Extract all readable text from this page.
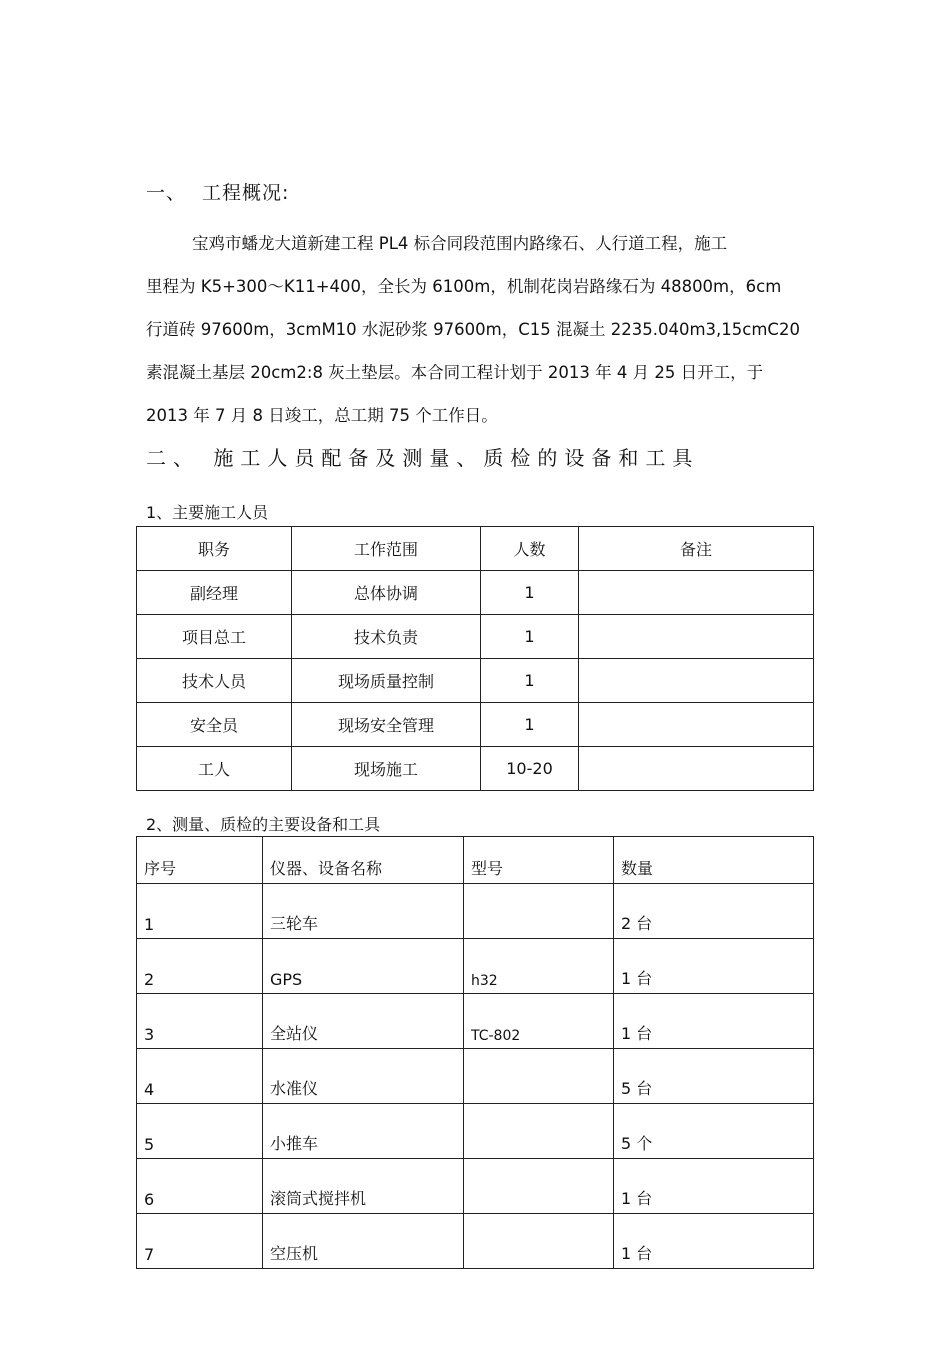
一、 工程概况:
宝鸡市蟠龙大道新建工程 PL4 标合同段范围内路缘石、人行道工程，施工
里程为 K5+300～K11+400，全长为 6100m，机制花岗岩路缘石为 48800m，6cm
行道砖 97600m，3cmM10 水泥砂浆 97600m，C15 混凝土 2235.040m3,15cmC20
素混凝土基层 20cm2:8 灰土垫层。本合同工程计划于 2013 年 4 月 25 日开工，于
2013 年 7 月 8 日竣工，总工期 75 个工作日。
二、 施工人员配备及测量、质检的设备和工具
1、主要施工人员
职务	工作范围	人数	备注
副经理	总体协调	1	
项目总工	技术负责	1	
技术人员	现场质量控制	1	
安全员	现场安全管理	1	
工人	现场施工	10-20	
2、测量、质检的主要设备和工具
序号	仪器、设备名称	型号	数量
1	三轮车		2 台
2	GPS	h32	1 台
3	全站仪	TC-802	1 台
4	水准仪		5 台
5	小推车		5 个
6	滚筒式搅拌机		1 台
7	空压机		1 台
